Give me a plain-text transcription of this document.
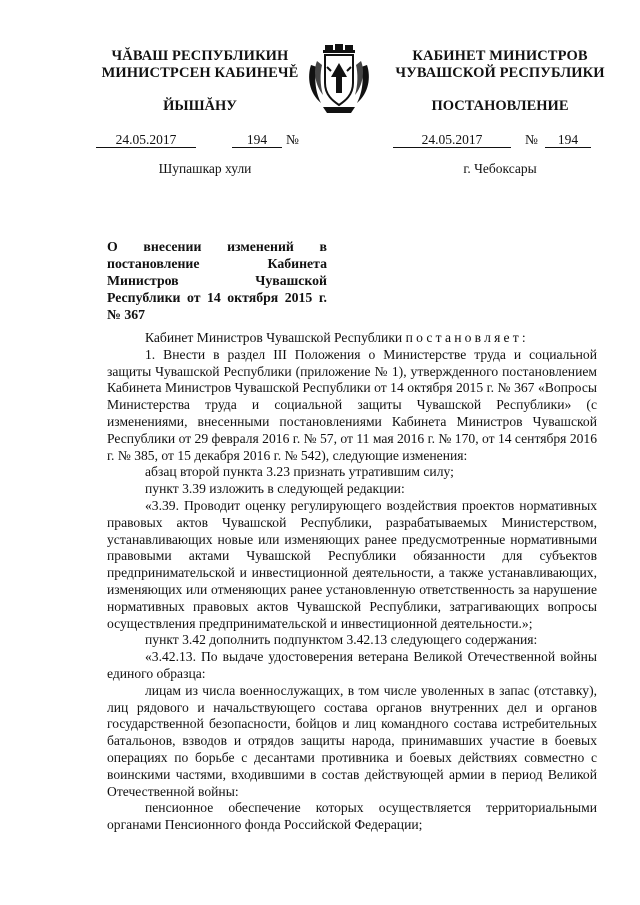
ЧĂВАШ РЕСПУБЛИКИН
МИНИСТРСЕН КАБИНЕЧĚ
КАБИНЕТ МИНИСТРОВ
ЧУВАШСКОЙ РЕСПУБЛИКИ
ЙЫШĂНУ	ПОСТАНОВЛЕНИЕ
24.05.2017	194	№	24.05.2017	№	194
Шупашкар хули	г. Чебоксары
О внесении изменений в постановление Кабинета Министров Чувашской Республики от 14 октября 2015 г. № 367

Кабинет Министров Чувашской Республики постановляет:

1. Внести в раздел III Положения о Министерстве труда и социальной защиты Чувашской Республики (приложение № 1), утвержденного постановлением Кабинета Министров Чувашской Республики от 14 октября 2015 г. № 367 «Вопросы Министерства труда и социальной защиты Чувашской Республики» (с изменениями, внесенными постановлениями Кабинета Министров Чувашской Республики от 29 февраля 2016 г. № 57, от 11 мая 2016 г. № 170, от 14 сентября 2016 г. № 385, от 15 декабря 2016 г. № 542), следующие изменения:

абзац второй пункта 3.23 признать утратившим силу;

пункт 3.39 изложить в следующей редакции:

«3.39. Проводит оценку регулирующего воздействия проектов нормативных правовых актов Чувашской Республики, разрабатываемых Министерством, устанавливающих новые или изменяющих ранее предусмотренные нормативными правовыми актами Чувашской Республики обязанности для субъектов предпринимательской и инвестиционной деятельности, а также устанавливающих, изменяющих или отменяющих ранее установленную ответственность за нарушение нормативных правовых актов Чувашской Республики, затрагивающих вопросы осуществления предпринимательской и инвестиционной деятельности.»;

пункт 3.42 дополнить подпунктом 3.42.13 следующего содержания:

«3.42.13. По выдаче удостоверения ветерана Великой Отечественной войны единого образца:

лицам из числа военнослужащих, в том числе уволенных в запас (отставку), лиц рядового и начальствующего состава органов внутренних дел и органов государственной безопасности, бойцов и лиц командного состава истребительных батальонов, взводов и отрядов защиты народа, принимавших участие в боевых операциях по борьбе с десантами противника и боевых действиях совместно с воинскими частями, входившими в состав действующей армии в период Великой Отечественной войны:

пенсионное обеспечение которых осуществляется территориальными органами Пенсионного фонда Российской Федерации;
